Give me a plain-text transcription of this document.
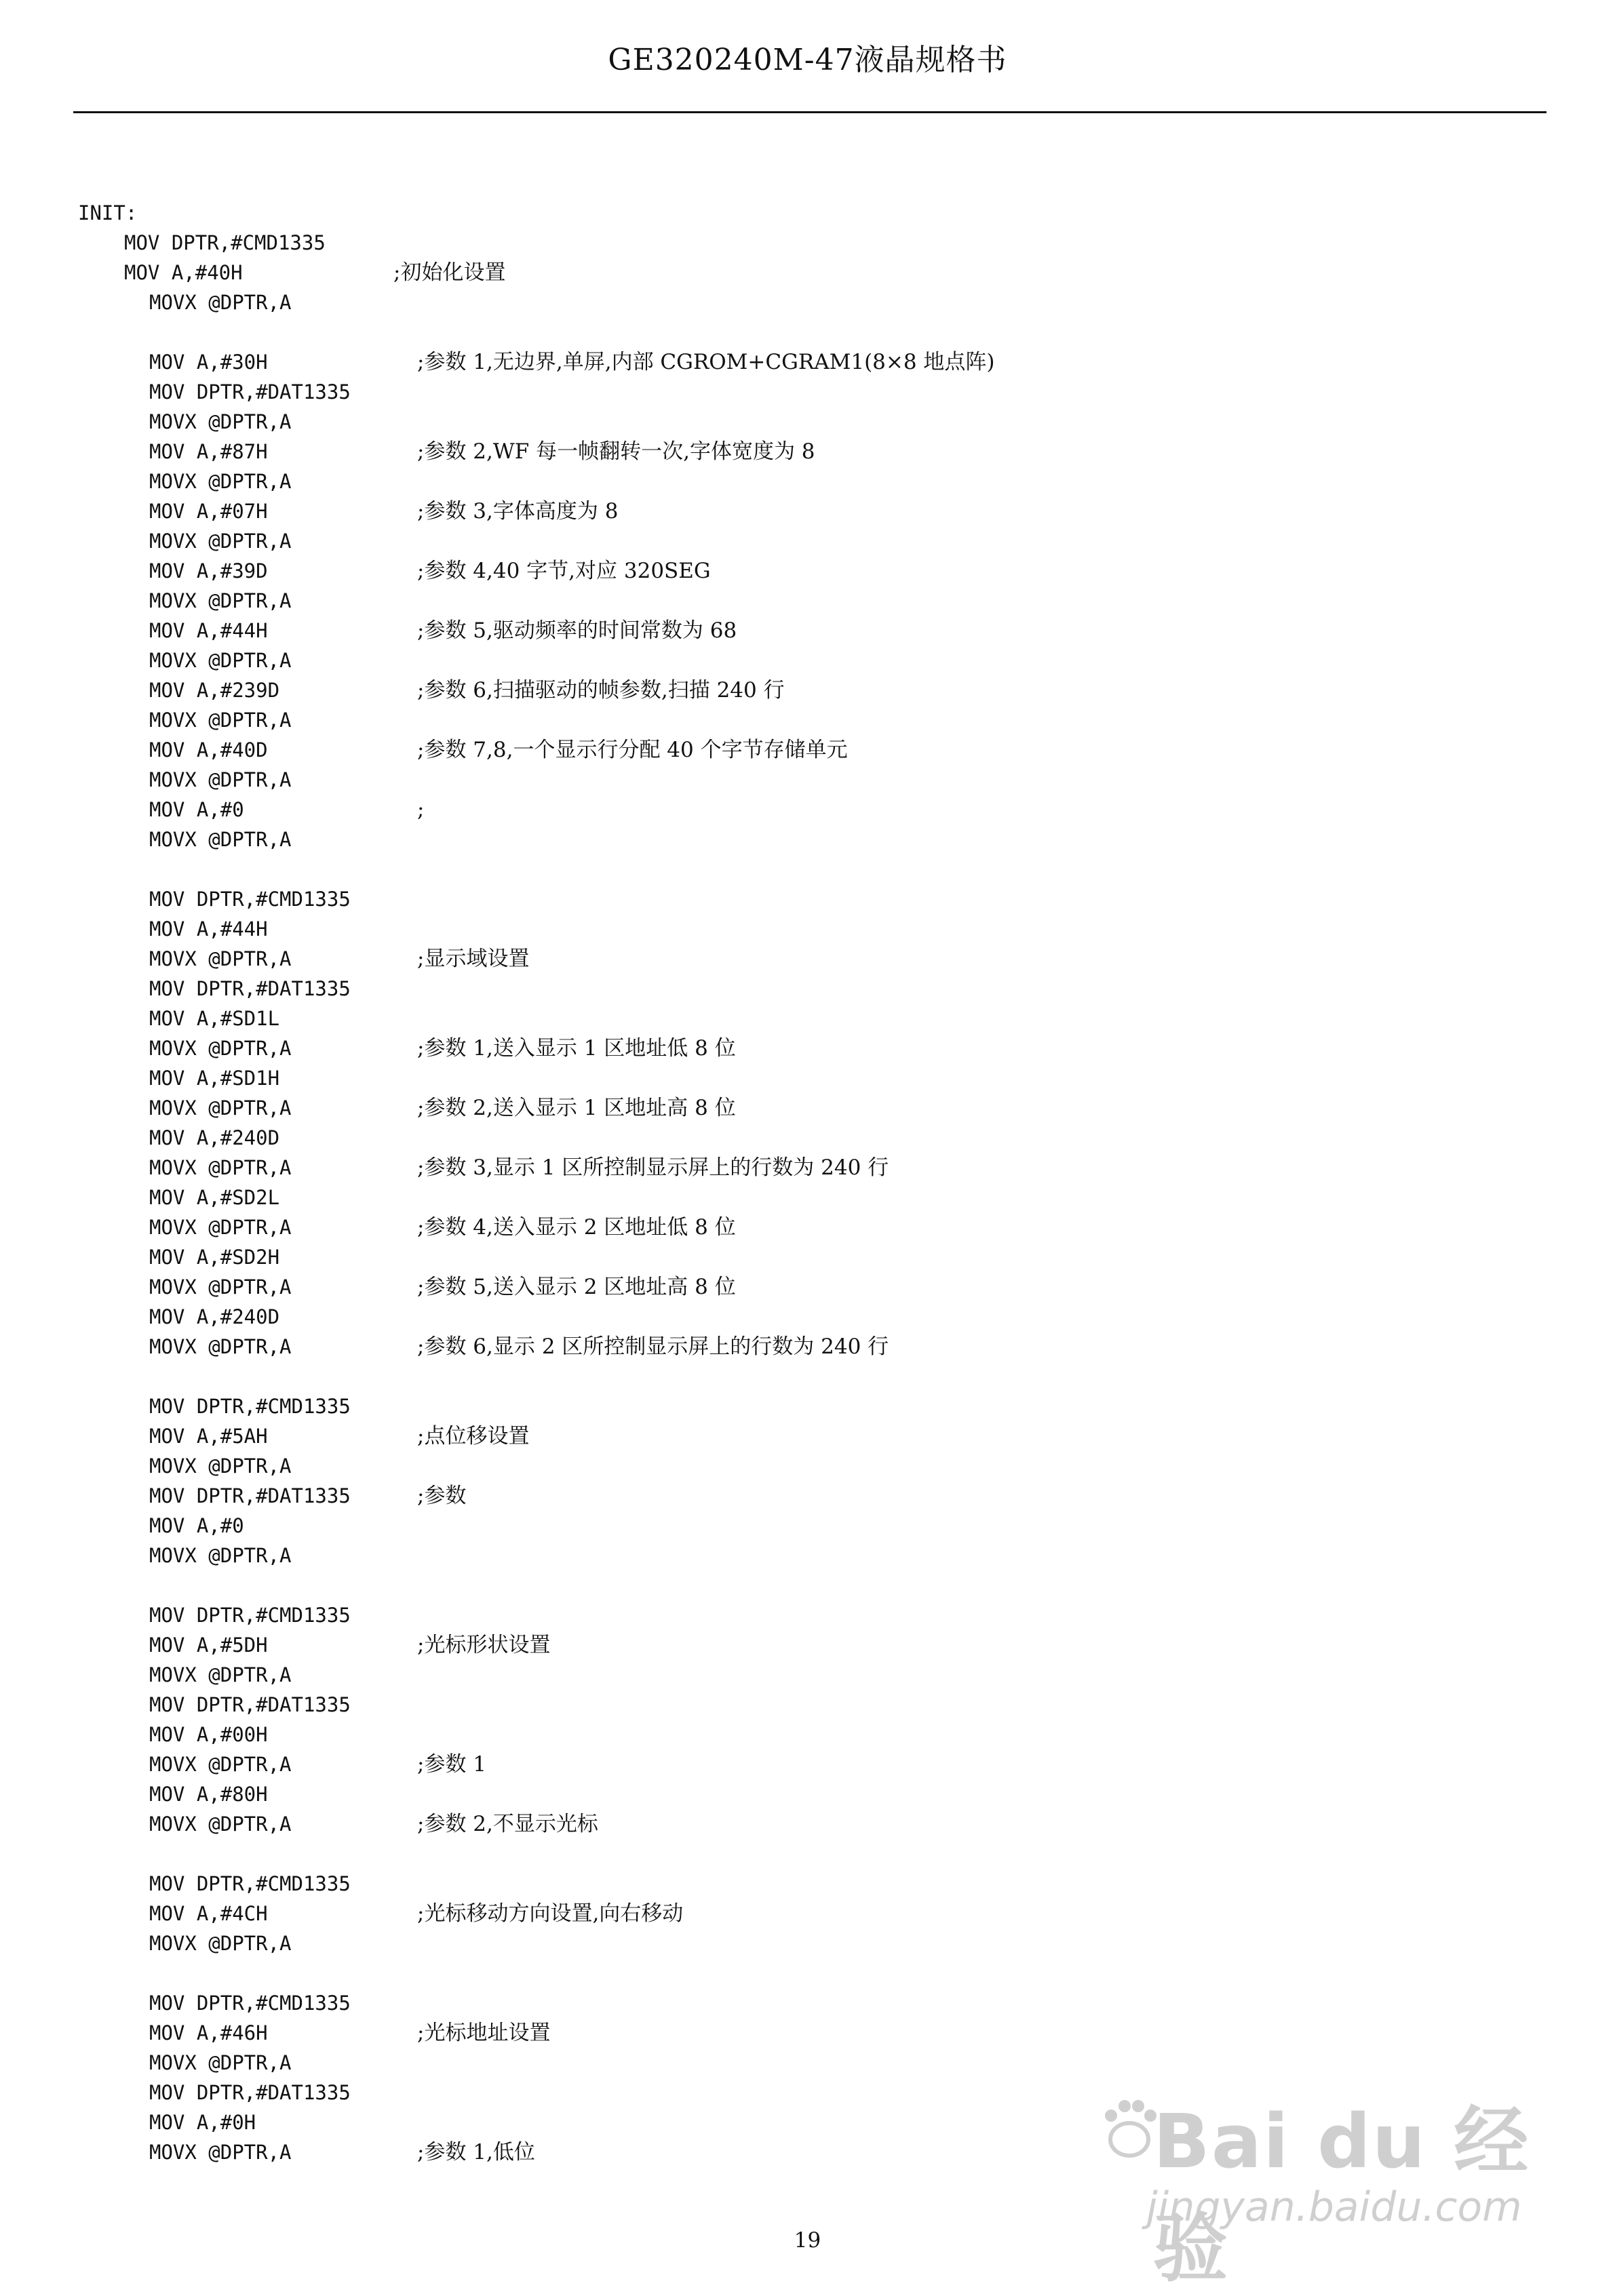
GE320240M-47液晶规格书
INIT:
MOV DPTR,#CMD1335
MOV A,#40H	;初始化设置
MOVX @DPTR,A
MOV A,#30H	;参数 1,无边界,单屏,内部 CGROM+CGRAM1(8×8 地点阵)
MOV DPTR,#DAT1335
MOVX @DPTR,A
MOV A,#87H	;参数 2,WF 每一帧翻转一次,字体宽度为 8
MOVX @DPTR,A
MOV A,#07H	;参数 3,字体高度为 8
MOVX @DPTR,A
MOV A,#39D	;参数 4,40 字节,对应 320SEG
MOVX @DPTR,A
MOV A,#44H	;参数 5,驱动频率的时间常数为 68
MOVX @DPTR,A
MOV A,#239D	;参数 6,扫描驱动的帧参数,扫描 240 行
MOVX @DPTR,A
MOV A,#40D	;参数 7,8,一个显示行分配 40 个字节存储单元
MOVX @DPTR,A
MOV A,#0	;
MOVX @DPTR,A
MOV DPTR,#CMD1335
MOV A,#44H
MOVX @DPTR,A	;显示域设置
MOV DPTR,#DAT1335
MOV A,#SD1L
MOVX @DPTR,A	;参数 1,送入显示 1 区地址低 8 位
MOV A,#SD1H
MOVX @DPTR,A	;参数 2,送入显示 1 区地址高 8 位
MOV A,#240D
MOVX @DPTR,A	;参数 3,显示 1 区所控制显示屏上的行数为 240 行
MOV A,#SD2L
MOVX @DPTR,A	;参数 4,送入显示 2 区地址低 8 位
MOV A,#SD2H
MOVX @DPTR,A	;参数 5,送入显示 2 区地址高 8 位
MOV A,#240D
MOVX @DPTR,A	;参数 6,显示 2 区所控制显示屏上的行数为 240 行
MOV DPTR,#CMD1335
MOV A,#5AH	;点位移设置
MOVX @DPTR,A
MOV DPTR,#DAT1335	;参数
MOV A,#0
MOVX @DPTR,A
MOV DPTR,#CMD1335
MOV A,#5DH	;光标形状设置
MOVX @DPTR,A
MOV DPTR,#DAT1335
MOV A,#00H
MOVX @DPTR,A	;参数 1
MOV A,#80H
MOVX @DPTR,A	;参数 2,不显示光标
MOV DPTR,#CMD1335
MOV A,#4CH	;光标移动方向设置,向右移动
MOVX @DPTR,A
MOV DPTR,#CMD1335
MOV A,#46H	;光标地址设置
MOVX @DPTR,A
MOV DPTR,#DAT1335
MOV A,#0H
MOVX @DPTR,A	;参数 1,低位
19
Bai du 经验
jingyan.baidu.com
